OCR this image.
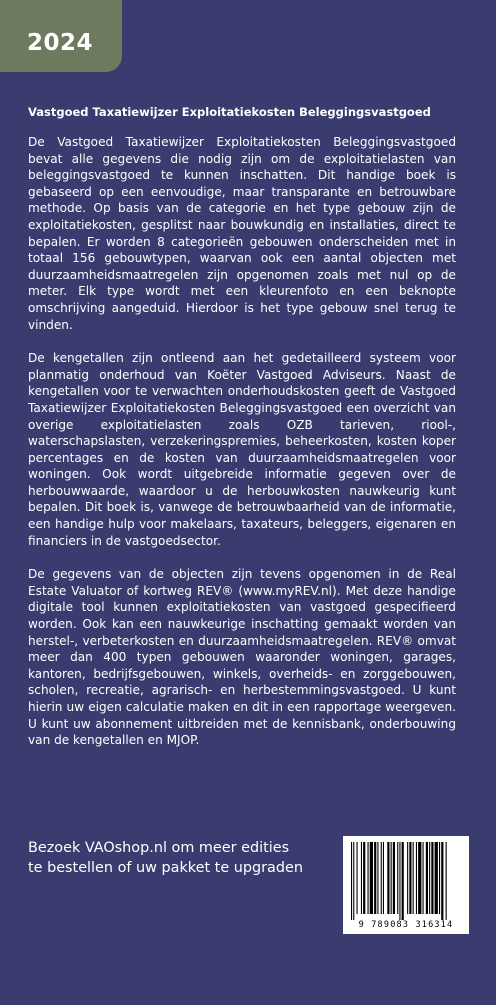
2024
Vastgoed Taxatiewijzer Exploitatiekosten Beleggingsvastgoed

De Vastgoed Taxatiewijzer Exploitatiekosten Beleggingsvastgoed bevat alle gegevens die nodig zijn om de exploitatielasten van beleggingsvastgoed te kunnen inschatten. Dit handige boek is gebaseerd op een eenvoudige, maar transparante en betrouwbare methode. Op basis van de categorie en het type gebouw zijn de exploitatiekosten, gesplitst naar bouwkundig en installaties, direct te bepalen. Er worden 8 categorieën gebouwen onderscheiden met in totaal 156 gebouwtypen, waarvan ook een aantal objecten met duurzaamheidsmaatregelen zijn opgenomen zoals met nul op de meter. Elk type wordt met een kleurenfoto en een beknopte omschrijving aangeduid. Hierdoor is het type gebouw snel terug te vinden.

De kengetallen zijn ontleend aan het gedetailleerd systeem voor planmatig onderhoud van Koëter Vastgoed Adviseurs. Naast de kengetallen voor te verwachten onderhoudskosten geeft de Vastgoed Taxatiewijzer Exploitatiekosten Beleggingsvastgoed een overzicht van overige exploitatielasten zoals OZB tarieven, riool-, waterschapslasten, verzekeringspremies, beheerkosten, kosten koper percentages en de kosten van duurzaamheidsmaatregelen voor woningen. Ook wordt uitgebreide informatie gegeven over de herbouwwaarde, waardoor u de herbouwkosten nauwkeurig kunt bepalen. Dit boek is, vanwege de betrouwbaarheid van de informatie, een handige hulp voor makelaars, taxateurs, beleggers, eigenaren en financiers in de vastgoedsector.

De gegevens van de objecten zijn tevens opgenomen in de Real Estate Valuator of kortweg REV® (www.myREV.nl). Met deze handige digitale tool kunnen exploitatiekosten van vastgoed gespecifieerd worden. Ook kan een nauwkeurige inschatting gemaakt worden van herstel-, verbeterkosten en duurzaamheidsmaatregelen. REV® omvat meer dan 400 typen gebouwen waaronder woningen, garages, kantoren, bedrijfsgebouwen, winkels, overheids- en zorggebouwen, scholen, recreatie, agrarisch- en herbestemmingsvastgoed. U kunt hierin uw eigen calculatie maken en dit in een rapportage weergeven. U kunt uw abonnement uitbreiden met de kennisbank, onderbouwing van de kengetallen en MJOP.

Bezoek VAOshop.nl om meer edities
te bestellen of uw pakket te upgraden
9 789083 316314
